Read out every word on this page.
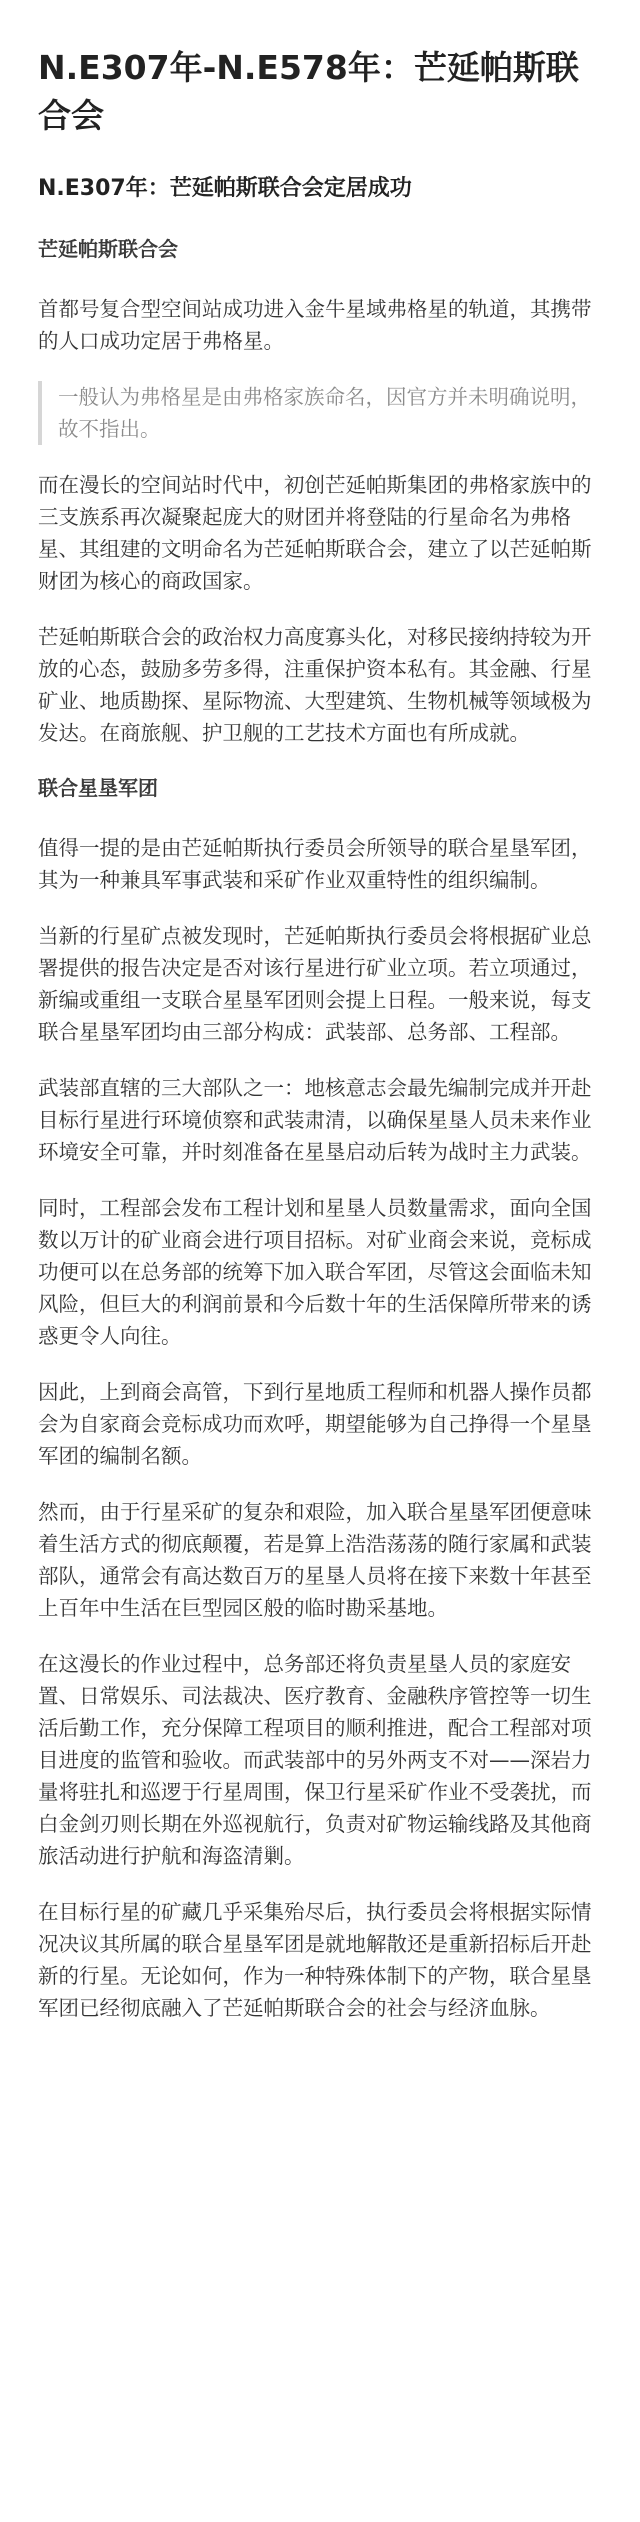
N.E307年-N.E578年：芒延帕斯联合会
N.E307年：芒延帕斯联合会定居成功
芒延帕斯联合会

首都号复合型空间站成功进入金牛星域弗格星的轨道，其携带的人口成功定居于弗格星。

一般认为弗格星是由弗格家族命名，因官方并未明确说明，故不指出。

而在漫长的空间站时代中，初创芒延帕斯集团的弗格家族中的三支族系再次凝聚起庞大的财团并将登陆的行星命名为弗格星、其组建的文明命名为芒延帕斯联合会，建立了以芒延帕斯财团为核心的商政国家。

芒延帕斯联合会的政治权力高度寡头化，对移民接纳持较为开放的心态，鼓励多劳多得，注重保护资本私有。其金融、行星矿业、地质勘探、星际物流、大型建筑、生物机械等领域极为发达。在商旅舰、护卫舰的工艺技术方面也有所成就。

联合星垦军团

值得一提的是由芒延帕斯执行委员会所领导的联合星垦军团，其为一种兼具军事武装和采矿作业双重特性的组织编制。

当新的行星矿点被发现时，芒延帕斯执行委员会将根据矿业总署提供的报告决定是否对该行星进行矿业立项。若立项通过，新编或重组一支联合星垦军团则会提上日程。一般来说，每支联合星垦军团均由三部分构成：武装部、总务部、工程部。

武装部直辖的三大部队之一：地核意志会最先编制完成并开赴目标行星进行环境侦察和武装肃清，以确保星垦人员未来作业环境安全可靠，并时刻准备在星垦启动后转为战时主力武装。

同时，工程部会发布工程计划和星垦人员数量需求，面向全国数以万计的矿业商会进行项目招标。对矿业商会来说，竞标成功便可以在总务部的统筹下加入联合军团，尽管这会面临未知风险，但巨大的利润前景和今后数十年的生活保障所带来的诱惑更令人向往。

因此，上到商会高管，下到行星地质工程师和机器人操作员都会为自家商会竞标成功而欢呼，期望能够为自己挣得一个星垦军团的编制名额。

然而，由于行星采矿的复杂和艰险，加入联合星垦军团便意味着生活方式的彻底颠覆，若是算上浩浩荡荡的随行家属和武装部队，通常会有高达数百万的星垦人员将在接下来数十年甚至上百年中生活在巨型园区般的临时勘采基地。

在这漫长的作业过程中，总务部还将负责星垦人员的家庭安置、日常娱乐、司法裁决、医疗教育、金融秩序管控等一切生活后勤工作，充分保障工程项目的顺利推进，配合工程部对项目进度的监管和验收。而武装部中的另外两支不对——深岩力量将驻扎和巡逻于行星周围，保卫行星采矿作业不受袭扰，而白金剑刃则长期在外巡视航行，负责对矿物运输线路及其他商旅活动进行护航和海盗清剿。

在目标行星的矿藏几乎采集殆尽后，执行委员会将根据实际情况决议其所属的联合星垦军团是就地解散还是重新招标后开赴新的行星。无论如何，作为一种特殊体制下的产物，联合星垦军团已经彻底融入了芒延帕斯联合会的社会与经济血脉。
